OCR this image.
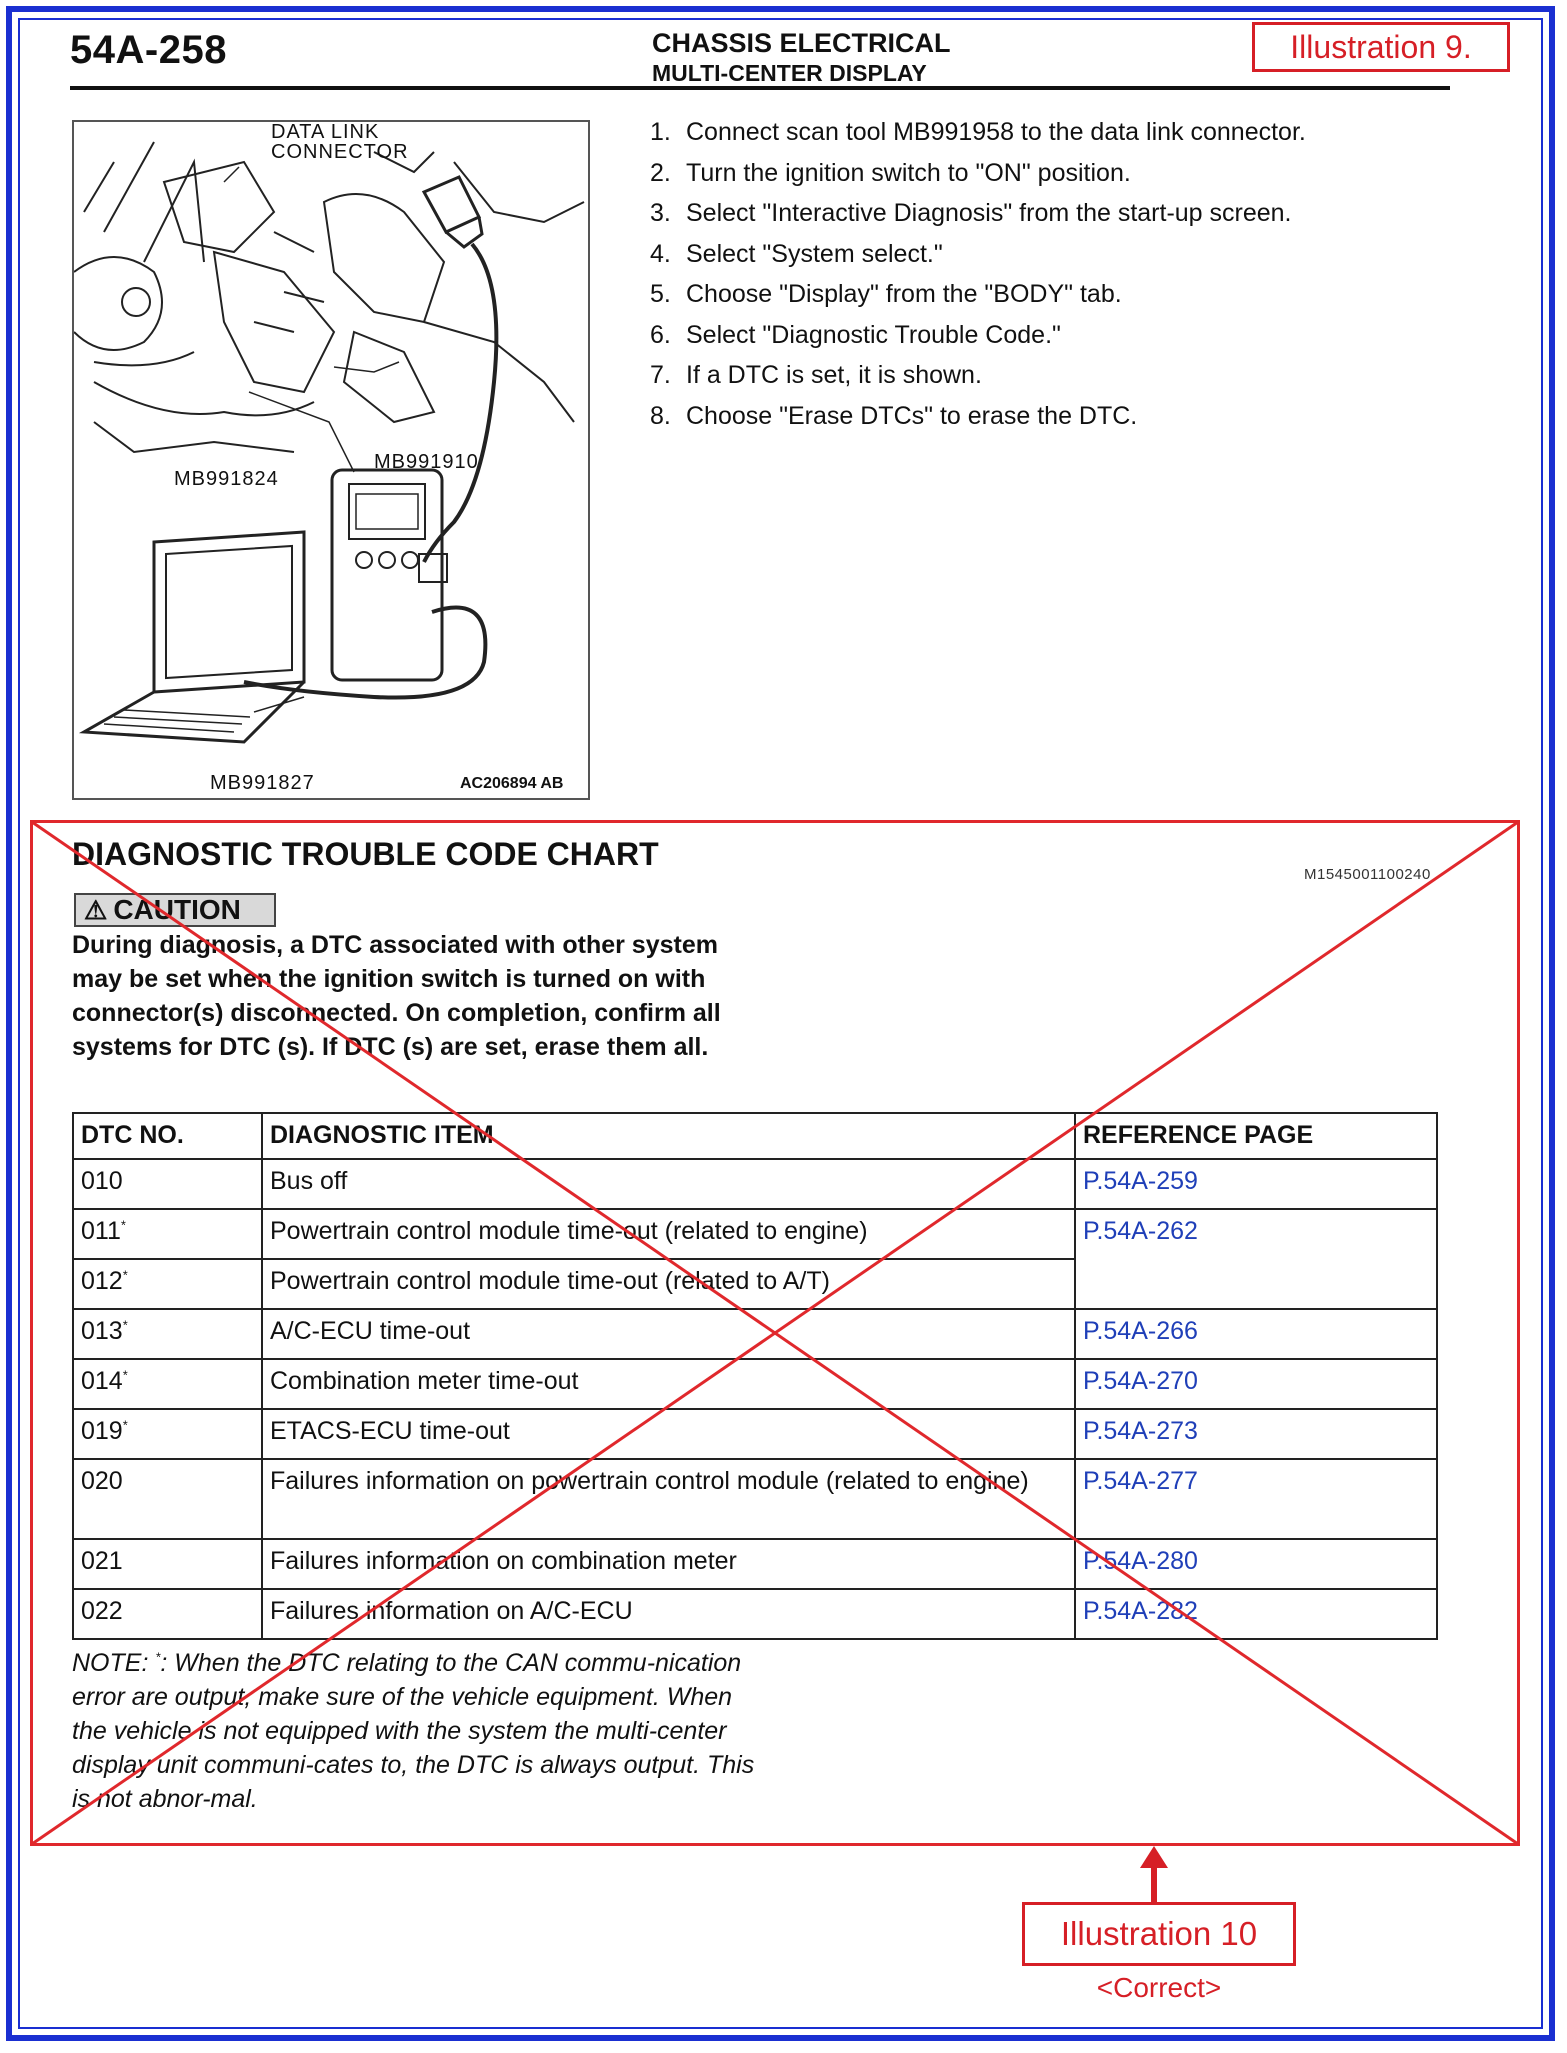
54A-258	CHASSIS ELECTRICAL
MULTI-CENTER DISPLAY
Illustration 9.
DATA LINK
CONNECTOR
MB991910
MB991824
MB991827	AC206894 AB
1. Connect scan tool MB991958 to the data link connector.
2. Turn the ignition switch to "ON" position.
3. Select "Interactive Diagnosis" from the start-up screen.
4. Select "System select."
5. Choose "Display" from the "BODY" tab.
6. Select "Diagnostic Trouble Code."
7. If a DTC is set, it is shown.
8. Choose "Erase DTCs" to erase the DTC.
DIAGNOSTIC TROUBLE CODE CHART
M1545001100240
⚠ CAUTION
During diagnosis, a DTC associated with other system may be set when the ignition switch is turned on with connector(s) disconnected. On completion, confirm all systems for DTC (s). If DTC (s) are set, erase them all.
DTC NO.	DIAGNOSTIC ITEM	REFERENCE PAGE
010	Bus off	P.54A-259
011*	Powertrain control module time-out (related to engine)	P.54A-262
012*	Powertrain control module time-out (related to A/T)	
013*	A/C-ECU time-out	P.54A-266
014*	Combination meter time-out	P.54A-270
019*	ETACS-ECU time-out	P.54A-273
020	Failures information on powertrain control module (related to engine)	P.54A-277
021	Failures information on combination meter	P.54A-280
022	Failures information on A/C-ECU	P.54A-282
NOTE: *: When the DTC relating to the CAN commu-nication error are output, make sure of the vehicle equipment. When the vehicle is not equipped with the system the multi-center display unit communi-cates to, the DTC is always output. This is not abnor-mal.
Illustration 10
<Correct>
